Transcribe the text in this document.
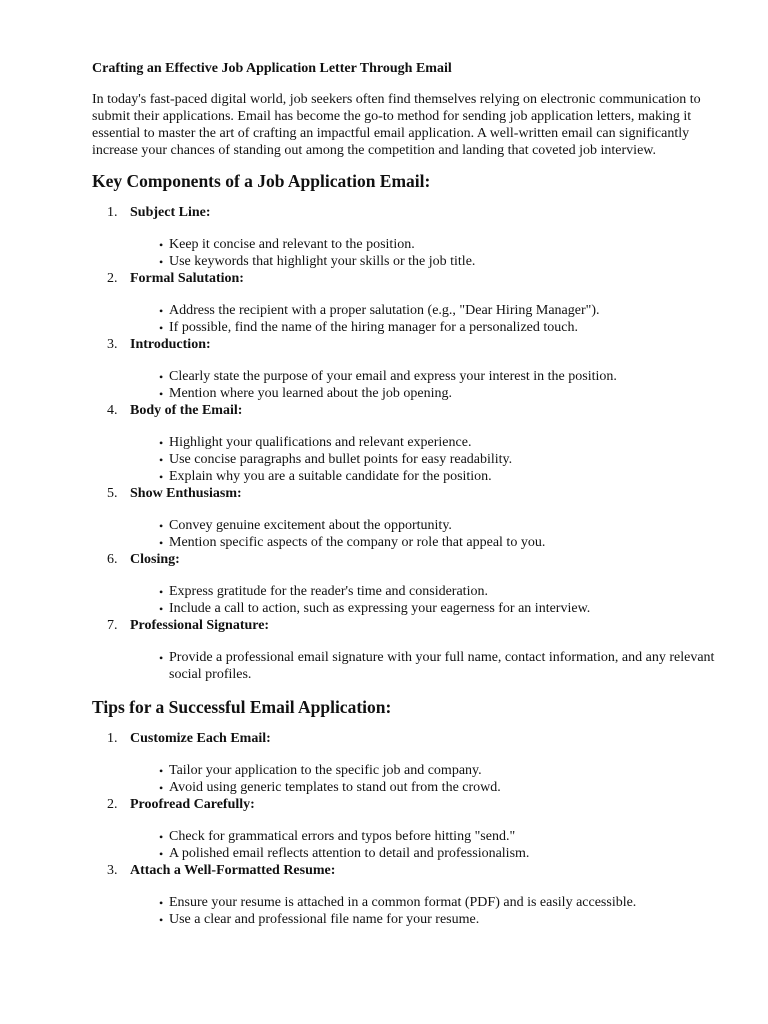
Crafting an Effective Job Application Letter Through Email

In today's fast-paced digital world, job seekers often find themselves relying on electronic communication to submit their applications. Email has become the go-to method for sending job application letters, making it essential to master the art of crafting an impactful email application. A well-written email can significantly increase your chances of standing out among the competition and landing that coveted job interview.

Key Components of a Job Application Email:
1. Subject Line:
• Keep it concise and relevant to the position.
• Use keywords that highlight your skills or the job title.
2. Formal Salutation:
• Address the recipient with a proper salutation (e.g., "Dear Hiring Manager").
• If possible, find the name of the hiring manager for a personalized touch.
3. Introduction:
• Clearly state the purpose of your email and express your interest in the position.
• Mention where you learned about the job opening.
4. Body of the Email:
• Highlight your qualifications and relevant experience.
• Use concise paragraphs and bullet points for easy readability.
• Explain why you are a suitable candidate for the position.
5. Show Enthusiasm:
• Convey genuine excitement about the opportunity.
• Mention specific aspects of the company or role that appeal to you.
6. Closing:
• Express gratitude for the reader's time and consideration.
• Include a call to action, such as expressing your eagerness for an interview.
7. Professional Signature:
• Provide a professional email signature with your full name, contact information, and any relevant social profiles.
Tips for a Successful Email Application:
1. Customize Each Email:
• Tailor your application to the specific job and company.
• Avoid using generic templates to stand out from the crowd.
2. Proofread Carefully:
• Check for grammatical errors and typos before hitting "send."
• A polished email reflects attention to detail and professionalism.
3. Attach a Well-Formatted Resume:
• Ensure your resume is attached in a common format (PDF) and is easily accessible.
• Use a clear and professional file name for your resume.
